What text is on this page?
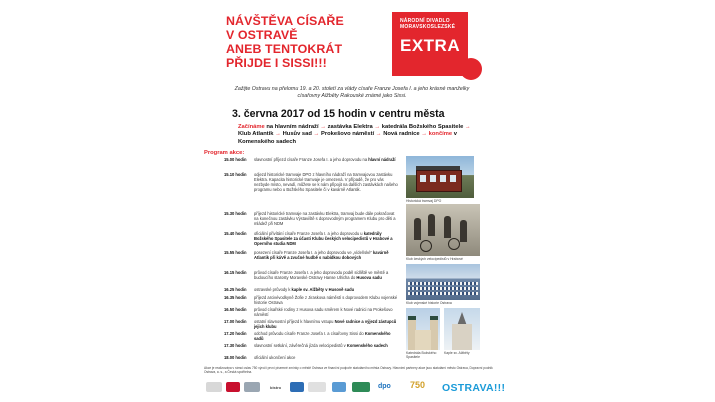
NÁVŠTĚVA CÍSAŘE
V OSTRAVĚ
ANEB TENTOKRÁT
PŘIJDE I SISSI!!!
NÁRODNÍ DIVADLO
MORAVSKOSLEZSKÉ
EXTRA
Zažijte Ostravu na přelomu 19. a 20. století za vlády císaře Franze Josefa I. a jeho krásné manželky císařovny Alžběty Rakouské známé jako Sissi.
3. června 2017 od 15 hodin v centru města
Začínáme na hlavním nádraží → zastávka Elektra → katedrála Božského Spasitele → Klub Atlantik → Husův sad → Prokešovo náměstí → Nová radnice → končíme v Komenského sadech
Program akce:
15.00 hodin	slavnostní příjezd císaře Franze Josefa I. a jeho doprovodu na hlavní nádraží
15.10 hodin	odjezd historické tramvaje DPO z hlavního nádraží na tramvajovou zastávku Elektra. Kapacita historické tramvaje je omezená. V případě, že pro vás nezbyde místo, nevadí, můžete se k nám připojit na dalších zastávkách našeho programu nebo u Božského Spasitele či v kavárně Atlantik.
15.30 hodin	příjezd historické tramvaje na zastávku Elektra, tramvaj bude dále pokračovat na konečnou zastávku Výstaviště s doprovodným programem Klubu pro děti a mládež při NDM
15.40 hodin	oficiální přivítání císaře Franze Josefa I. a jeho doprovodu u katedrály Božského Spasitele za účasti Klubu českých velocipedistů v Hrabové a Operního studia NDM
15.55 hodin	posezení císaře Franze Josefa I. a jeho doprovodu ve „vídeňské“ kavárně Atlantik při káVě a zvučné hudbě s nabídkou dobových
16.15 hodin	průvod císaře Franze Josefa I. a jeho doprovodu podél sídliště ve městě a budoucího starosty Moravské Ostravy Hanse Ulricha do Husova sadu
16.25 hodin	ostravské průvody k kaple sv. Alžběty v Husově sadu
16.35 hodin	příjezd arcivévodkyně Žofie z Jiraskova náměstí s doprovodem Klubu vojenské historie Ostrava
16.50 hodin	průvod císařské rodiny z Husova sadu směrem k Nové radnici na Prokešovo náměstí
17.00 hodin	ostatní slavnostní příjezd k hlavnímu vstupu Nové radnice a výjezd zástupců jejich klubu
17.20 hodin	odchod průvodu císaře Franze Josefa I. a císařovny Sissi do Komenského sadů
17.30 hodin	slavnostní setkání, závěrečná jízda velocipedistů v Komenského sadech
18.00 hodin	oficiální ukončení akce
Historická tramvaj DPO
Klub českých velocipedistů v Hrabové
Klub vojenské historie Ostrava
Katedrála Božského Spasitele
Kaple sv. Alžběty
Akce je realizována v rámci oslav 750 výročí první písemné zmínky o městě Ostrava ve finanční podpoře statutárního města Ostravy. Hlavními partnery akce jsou statutární město Ostrava, Dopravní podnik Ostrava, a. s., a Česká spořitelna.
bistro	dpo 750 OSTRAVA!!!
